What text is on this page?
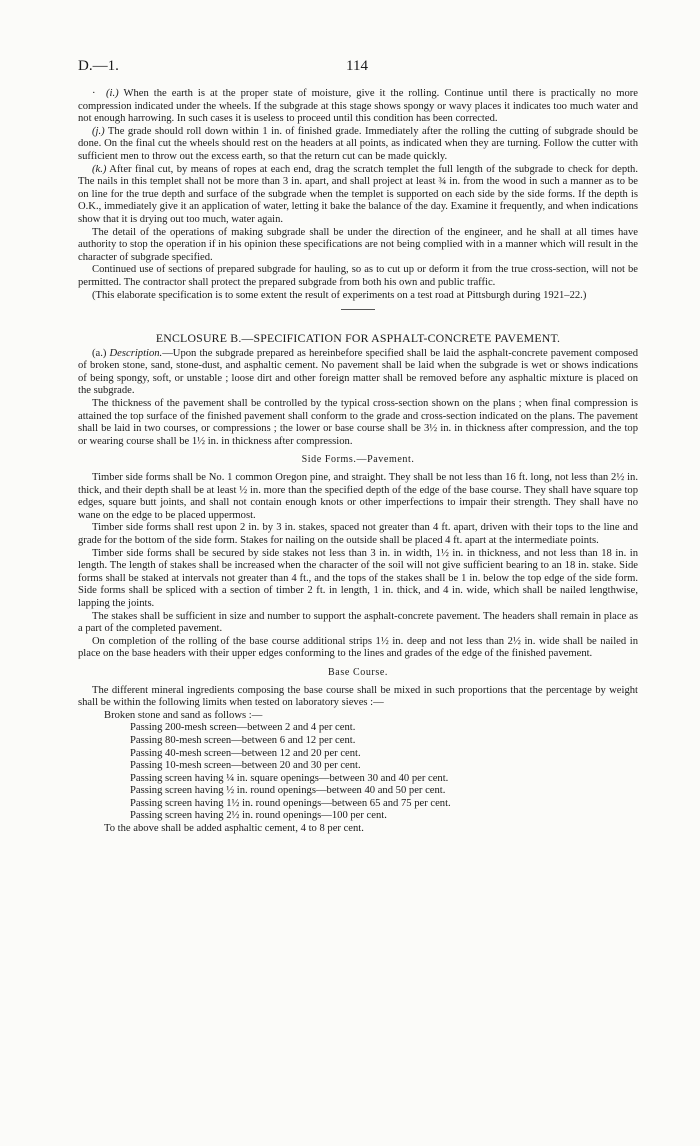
D.—1.	114

· (i.) When the earth is at the proper state of moisture, give it the rolling. Continue until there is practically no more compression indicated under the wheels. If the subgrade at this stage shows spongy or wavy places it indicates too much water and not enough harrowing. In such cases it is useless to proceed until this condition has been corrected.

(j.) The grade should roll down within 1 in. of finished grade. Immediately after the rolling the cutting of subgrade should be done. On the final cut the wheels should rest on the headers at all points, as indicated when they are turning. Follow the cutter with sufficient men to throw out the excess earth, so that the return cut can be made quickly.

(k.) After final cut, by means of ropes at each end, drag the scratch templet the full length of the subgrade to check for depth. The nails in this templet shall not be more than 3 in. apart, and shall project at least ¾ in. from the wood in such a manner as to be on line for the true depth and surface of the subgrade when the templet is supported on each side by the side forms. If the depth is O.K., immediately give it an application of water, letting it bake the balance of the day. Examine it frequently, and when indications show that it is drying out too much, water again.

The detail of the operations of making subgrade shall be under the direction of the engineer, and he shall at all times have authority to stop the operation if in his opinion these specifications are not being complied with in a manner which will result in the character of subgrade specified.

Continued use of sections of prepared subgrade for hauling, so as to cut up or deform it from the true cross-section, will not be permitted. The contractor shall protect the prepared subgrade from both his own and public traffic.

(This elaborate specification is to some extent the result of experiments on a test road at Pittsburgh during 1921–22.)

ENCLOSURE B.—SPECIFICATION FOR ASPHALT-CONCRETE PAVEMENT.

(a.) Description.—Upon the subgrade prepared as hereinbefore specified shall be laid the asphalt-concrete pavement composed of broken stone, sand, stone-dust, and asphaltic cement. No pavement shall be laid when the subgrade is wet or shows indications of being spongy, soft, or unstable ; loose dirt and other foreign matter shall be removed before any asphaltic mixture is placed on the subgrade.

The thickness of the pavement shall be controlled by the typical cross-section shown on the plans ; when final compression is attained the top surface of the finished pavement shall conform to the grade and cross-section indicated on the plans. The pavement shall be laid in two courses, or compressions ; the lower or base course shall be 3½ in. in thickness after compression, and the top or wearing course shall be 1½ in. in thickness after compression.

Side Forms.—Pavement.

Timber side forms shall be No. 1 common Oregon pine, and straight. They shall be not less than 16 ft. long, not less than 2½ in. thick, and their depth shall be at least ½ in. more than the specified depth of the edge of the base course. They shall have square top edges, square butt joints, and shall not contain enough knots or other imperfections to impair their strength. They shall have no wane on the edge to be placed uppermost.

Timber side forms shall rest upon 2 in. by 3 in. stakes, spaced not greater than 4 ft. apart, driven with their tops to the line and grade for the bottom of the side form. Stakes for nailing on the outside shall be placed 4 ft. apart at the intermediate points.

Timber side forms shall be secured by side stakes not less than 3 in. in width, 1½ in. in thickness, and not less than 18 in. in length. The length of stakes shall be increased when the character of the soil will not give sufficient bearing to an 18 in. stake. Side forms shall be staked at intervals not greater than 4 ft., and the tops of the stakes shall be 1 in. below the top edge of the side form. Side forms shall be spliced with a section of timber 2 ft. in length, 1 in. thick, and 4 in. wide, which shall be nailed lengthwise, lapping the joints.

The stakes shall be sufficient in size and number to support the asphalt-concrete pavement. The headers shall remain in place as a part of the completed pavement.

On completion of the rolling of the base course additional strips 1½ in. deep and not less than 2½ in. wide shall be nailed in place on the base headers with their upper edges conforming to the lines and grades of the edge of the finished pavement.

Base Course.

The different mineral ingredients composing the base course shall be mixed in such proportions that the percentage by weight shall be within the following limits when tested on laboratory sieves :—

Broken stone and sand as follows :—

Passing 200-mesh screen—between 2 and 4 per cent.

Passing 80-mesh screen—between 6 and 12 per cent.

Passing 40-mesh screen—between 12 and 20 per cent.

Passing 10-mesh screen—between 20 and 30 per cent.

Passing screen having ¼ in. square openings—between 30 and 40 per cent.

Passing screen having ½ in. round openings—between 40 and 50 per cent.

Passing screen having 1½ in. round openings—between 65 and 75 per cent.

Passing screen having 2½ in. round openings—100 per cent.

To the above shall be added asphaltic cement, 4 to 8 per cent.
